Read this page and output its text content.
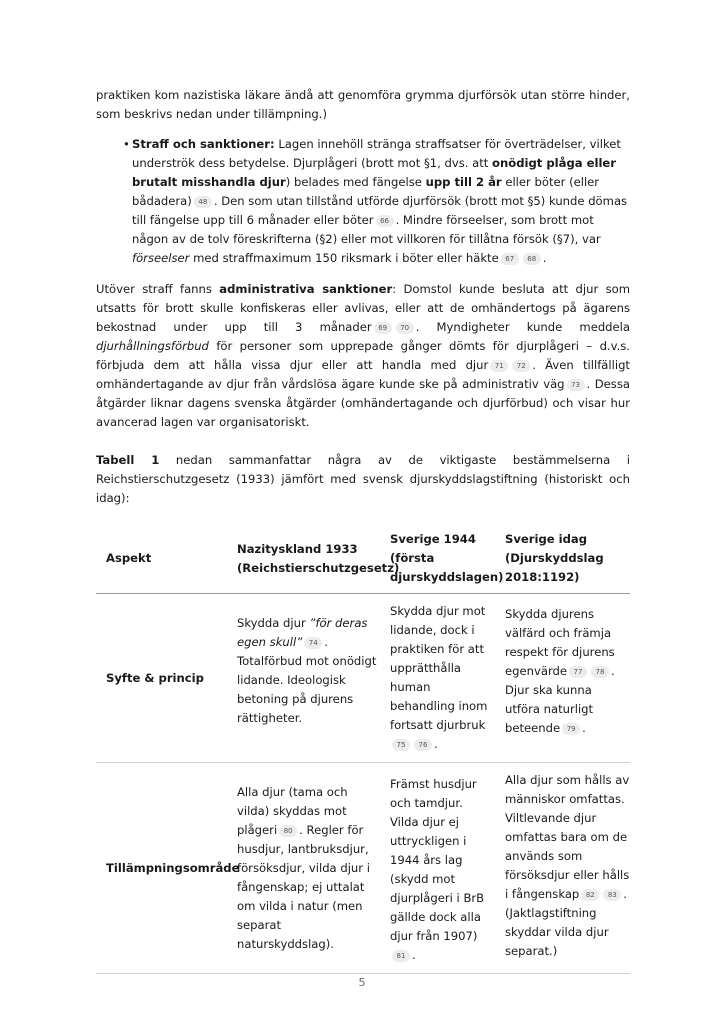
praktiken kom nazistiska läkare ändå att genomföra grymma djurförsök utan större hinder, som beskrivs nedan under tillämpning.)

• Straff och sanktioner: Lagen innehöll stränga straffsatser för överträdelser, vilket underströk dess betydelse. Djurplågeri (brott mot §1, dvs. att onödigt plåga eller brutalt misshandla djur) belades med fängelse upp till 2 år eller böter (eller bådadera) 48 . Den som utan tillstånd utförde djurförsök (brott mot §5) kunde dömas till fängelse upp till 6 månader eller böter 66 . Mindre förseelser, som brott mot någon av de tolv föreskrifterna (§2) eller mot villkoren för tillåtna försök (§7), var förseelser med straffmaximum 150 riksmark i böter eller häkte 67 68 .

Utöver straff fanns administrativa sanktioner: Domstol kunde besluta att djur som utsatts för brott skulle konfiskeras eller avlivas, eller att de omhändertogs på ägarens bekostnad under upp till 3 månader 69 70 . Myndigheter kunde meddela djurhållningsförbud för personer som upprepade gånger dömts för djurplågeri – d.v.s. förbjuda dem att hålla vissa djur eller att handla med djur 71 72 . Även tillfälligt omhändertagande av djur från vårdslösa ägare kunde ske på administrativ väg 73 . Dessa åtgärder liknar dagens svenska åtgärder (omhändertagande och djurförbud) och visar hur avancerad lagen var organisatoriskt.

Tabell 1 nedan sammanfattar några av de viktigaste bestämmelserna i Reichstierschutzgesetz (1933) jämfört med svensk djurskyddslagstiftning (historiskt och idag):

Aspekt	Nazityskland 1933 (Reichstierschutzgesetz)	Sverige 1944 (första djurskyddslagen)	Sverige idag (Djurskyddslag 2018:1192)
Syfte & princip	Skydda djur ”för deras egen skull” 74 . Totalförbud mot onödigt lidande. Ideologisk betoning på djurens rättigheter.	Skydda djur mot lidande, dock i praktiken för att upprätthålla human behandling inom fortsatt djurbruk75 76 .	Skydda djurens välfärd och främja respekt för djurens egenvärde 77 78 . Djur ska kunna utföra naturligt beteende 79 .
Tillämpningsområde	Alla djur (tama och vilda) skyddas mot plågeri 80 . Regler för husdjur, lantbruksdjur, försöksdjur, vilda djur i fångenskap; ej uttalat om vilda i natur (men separat naturskyddslag).	Främst husdjur och tamdjur. Vilda djur ej uttryckligen i 1944 års lag (skydd mot djurplågeri i BrB gällde dock alla djur från 1907)81 .	Alla djur som hålls av människor omfattas. Viltlevande djur omfattas bara om de används som försöksdjur eller hålls i fångenskap 82 83 . (Jaktlagstiftning skyddar vilda djur separat.)
5
